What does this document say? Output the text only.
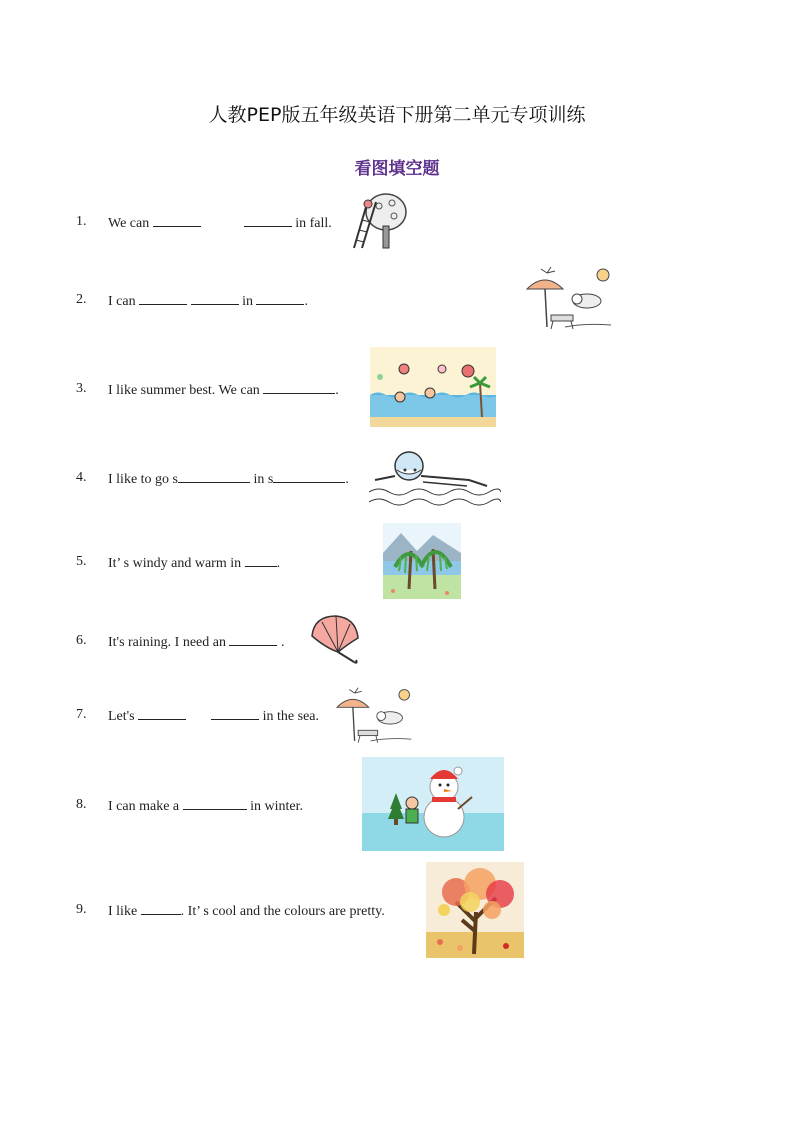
人教PEP版五年级英语下册第二单元专项训练
看图填空题
1. We can	in fall.
2. I can	in	.
3. I like summer best. We can	.
4. I like to go s	in s	.
5. It’ s windy and warm in	.
6. It's raining. I need an	.
7. Let's	in the sea.
8. I can make a	in winter.
9. I like	. It’ s cool and the colours are pretty.
